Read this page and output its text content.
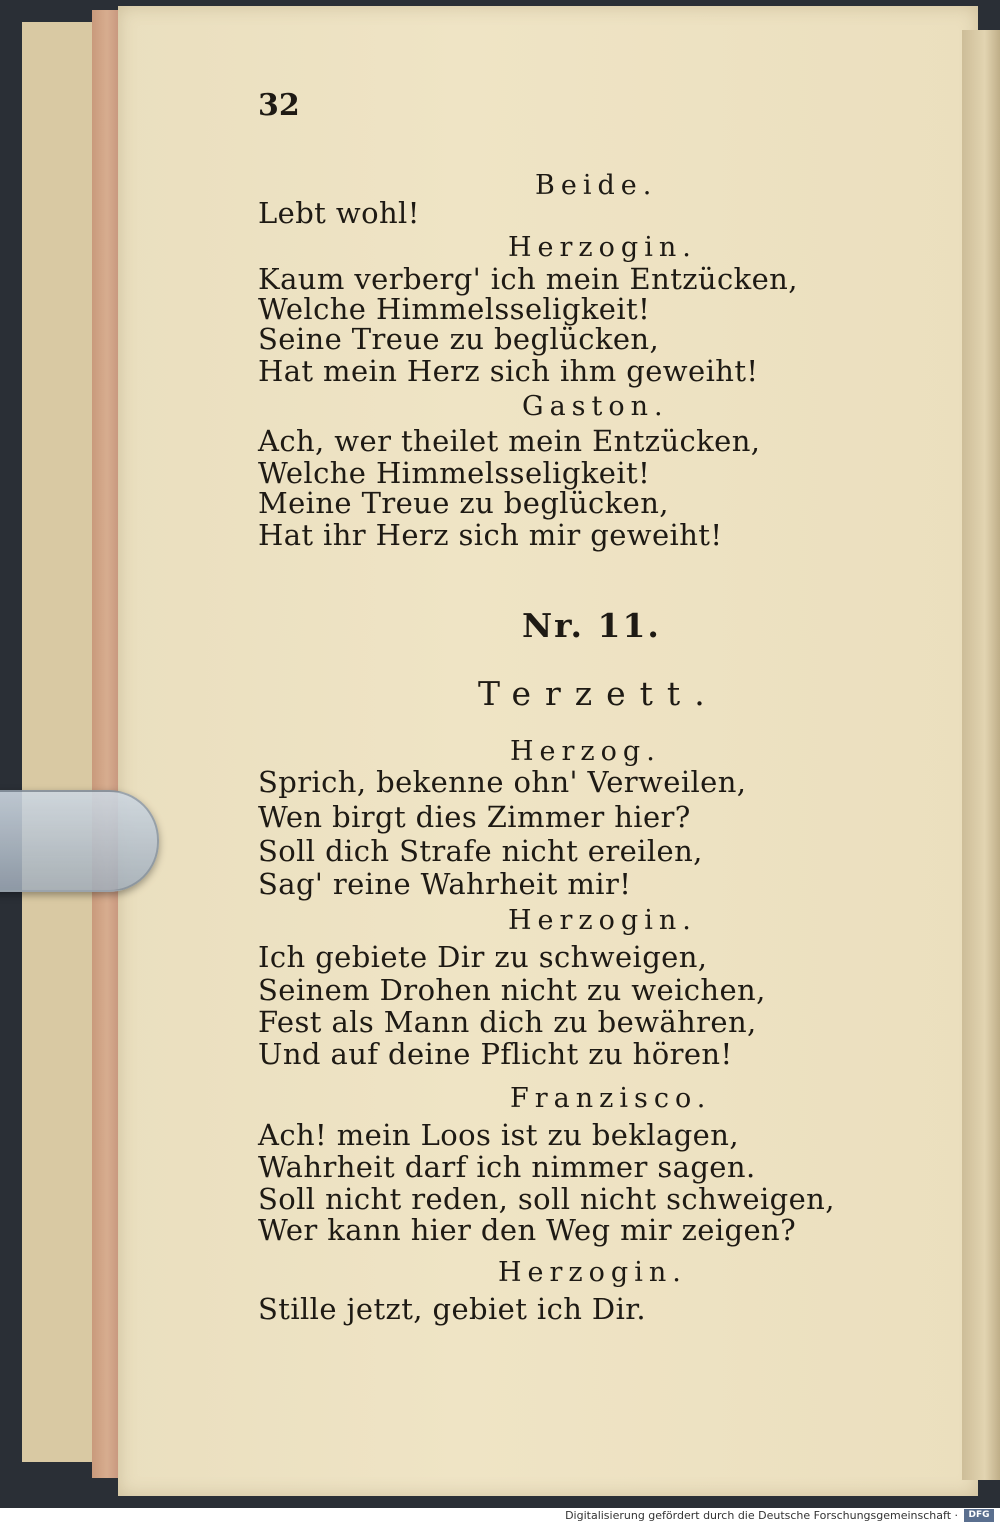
32
Beide.
Lebt wohl!
Herzogin.
Kaum verberg' ich mein Entzücken,
Welche Himmelsseligkeit!
Seine Treue zu beglücken,
Hat mein Herz sich ihm geweiht!
Gaston.
Ach, wer theilet mein Entzücken,
Welche Himmelsseligkeit!
Meine Treue zu beglücken,
Hat ihr Herz sich mir geweiht!
Nr. 11.
Terzett.
Herzog.
Sprich, bekenne ohn' Verweilen,
Wen birgt dies Zimmer hier?
Soll dich Strafe nicht ereilen,
Sag' reine Wahrheit mir!
Herzogin.
Ich gebiete Dir zu schweigen,
Seinem Drohen nicht zu weichen,
Fest als Mann dich zu bewähren,
Und auf deine Pflicht zu hören!
Franzisco.
Ach! mein Loos ist zu beklagen,
Wahrheit darf ich nimmer sagen.
Soll nicht reden, soll nicht schweigen,
Wer kann hier den Weg mir zeigen?
Herzogin.
Stille jetzt, gebiet ich Dir.
Digitalisierung gefördert durch die Deutsche Forschungsgemeinschaft ·	DFG
